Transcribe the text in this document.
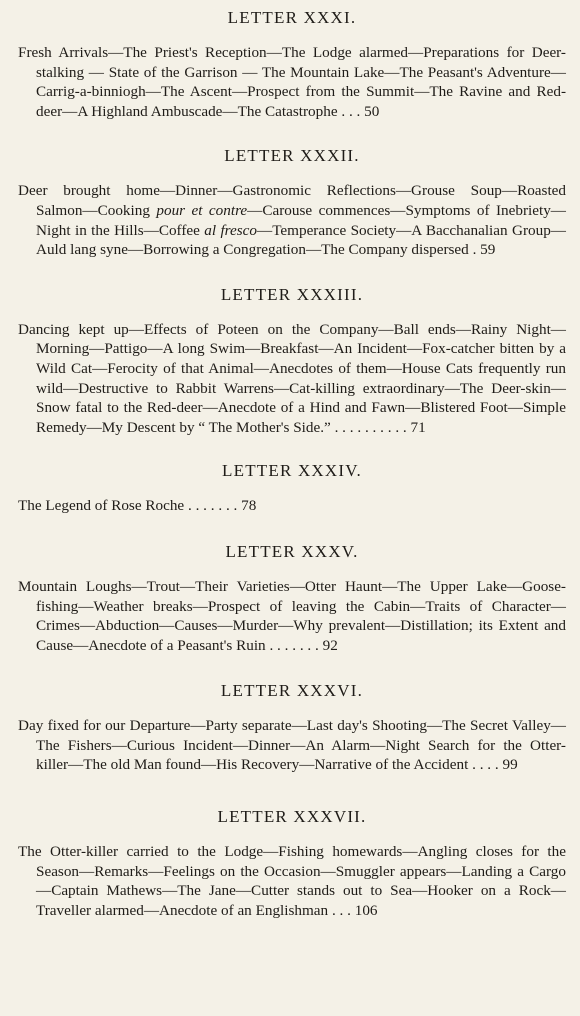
LETTER XXXI.

Fresh Arrivals—The Priest's Reception—The Lodge alarmed—Preparations for Deer-stalking — State of the Garrison — The Mountain Lake—The Peasant's Adventure—Carrig-a-binniogh—The Ascent—Prospect from the Summit—The Ravine and Red-deer—A Highland Ambuscade—The Catastrophe . . . 50

LETTER XXXII.

Deer brought home—Dinner—Gastronomic Reflections—Grouse Soup—Roasted Salmon—Cooking pour et contre—Carouse commences—Symptoms of Inebriety—Night in the Hills—Coffee al fresco—Temperance Society—A Bacchanalian Group—Auld lang syne—Borrowing a Congregation—The Company dispersed . 59

LETTER XXXIII.

Dancing kept up—Effects of Poteen on the Company—Ball ends—Rainy Night—Morning—Pattigo—A long Swim—Breakfast—An Incident—Fox-catcher bitten by a Wild Cat—Ferocity of that Animal—Anecdotes of them—House Cats frequently run wild—Destructive to Rabbit Warrens—Cat-killing extraordinary—The Deer-skin—Snow fatal to the Red-deer—Anecdote of a Hind and Fawn—Blistered Foot—Simple Remedy—My Descent by “ The Mother's Side.” . . . . . . . . . . 71

LETTER XXXIV.

The Legend of Rose Roche . . . . . . . 78

LETTER XXXV.

Mountain Loughs—Trout—Their Varieties—Otter Haunt—The Upper Lake—Goose-fishing—Weather breaks—Prospect of leaving the Cabin—Traits of Character—Crimes—Abduction—Causes—Murder—Why prevalent—Distillation; its Extent and Cause—Anecdote of a Peasant's Ruin . . . . . . . 92

LETTER XXXVI.

Day fixed for our Departure—Party separate—Last day's Shooting—The Secret Valley—The Fishers—Curious Incident—Dinner—An Alarm—Night Search for the Otter-killer—The old Man found—His Recovery—Narrative of the Accident . . . . 99

LETTER XXXVII.

The Otter-killer carried to the Lodge—Fishing homewards—Angling closes for the Season—Remarks—Feelings on the Occasion—Smuggler appears—Landing a Cargo—Captain Mathews—The Jane—Cutter stands out to Sea—Hooker on a Rock—Traveller alarmed—Anecdote of an Englishman . . . 106
